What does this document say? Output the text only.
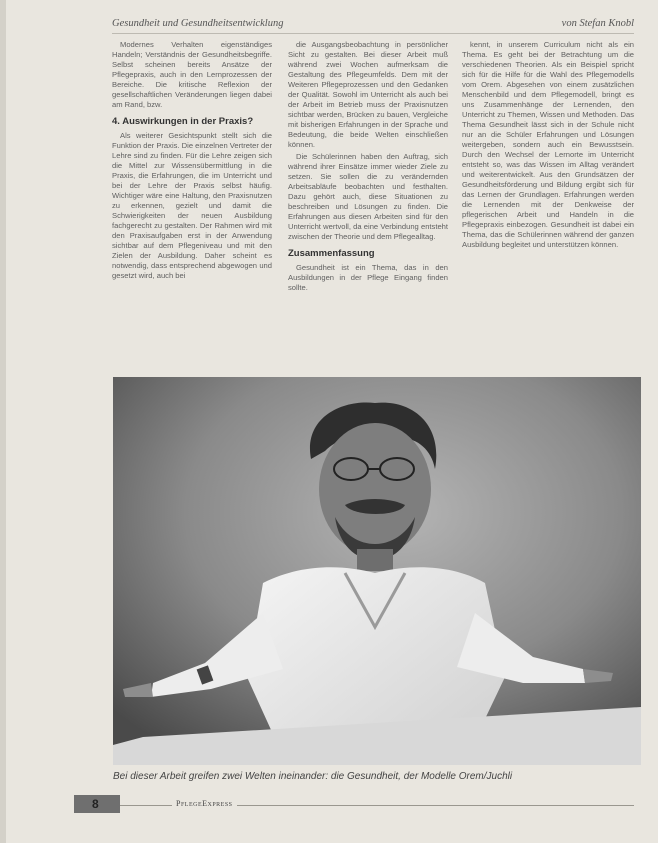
Gesundheit und Gesundheitsentwicklung	von Stefan Knobl

Modernes Verhalten eigenständiges Handeln; Verständnis der Gesundheitsbegriffe. Selbst scheinen bereits Ansätze der Pflegepraxis, auch in den Lernprozessen der Bereiche. Die kritische Reflexion der gesellschaftlichen Veränderungen liegen dabei am Rand, bzw.

4. Auswirkungen in der Praxis?

Als weiterer Gesichtspunkt stellt sich die Funktion der Praxis. Die einzelnen Vertreter der Lehre sind zu finden. Für die Lehre zeigen sich die Mittel zur Wissensübermittlung in die Praxis, die Erfahrungen, die im Unterricht und bei der Lehre der Praxis selbst häufig. Wichtiger wäre eine Haltung, den Praxisnutzen zu erkennen, gezielt und damit die Schwierigkeiten der neuen Ausbildung fachgerecht zu gestalten. Der Rahmen wird mit den Praxisaufgaben erst in der Anwendung sichtbar auf dem Pflegeniveau und mit den Zielen der Ausbildung. Daher scheint es notwendig, dass entsprechend abgewogen und gesetzt wird, auch bei

die Ausgangsbeobachtung in persönlicher Sicht zu gestalten. Bei dieser Arbeit muß während zwei Wochen aufmerksam die Gestaltung des Pflegeumfelds. Dem mit der Weiteren Pflegeprozessen und den Gedanken der Qualität. Sowohl im Unterricht als auch bei der Arbeit im Betrieb muss der Praxisnutzen sichtbar werden, Brücken zu bauen, Vergleiche mit bisherigen Erfahrungen in der Sprache und Bedeutung, die beide Welten einschließen können.

Die Schülerinnen haben den Auftrag, sich während ihrer Einsätze immer wieder Ziele zu setzen. Sie sollen die zu verändernden Arbeitsabläufe beobachten und festhalten. Dazu gehört auch, diese Situationen zu beschreiben und Lösungen zu finden. Die Erfahrungen aus diesen Arbeiten sind für den Unterricht wertvoll, da eine Verbindung entsteht zwischen der Theorie und dem Pflegealltag.

Zusammenfassung

Gesundheit ist ein Thema, das in den Ausbildungen in der Pflege Eingang finden sollte.

kennt, in unserem Curriculum nicht als ein Thema. Es geht bei der Betrachtung um die verschiedenen Theorien. Als ein Beispiel spricht sich für die Hilfe für die Wahl des Pflegemodells vom Orem. Abgesehen von einem zusätzlichen Menschenbild und dem Pflegemodell, bringt es uns Zusammenhänge der Lernenden, den Unterricht zu Themen, Wissen und Methoden. Das Thema Gesundheit lässt sich in der Schule nicht nur an die Schüler Erfahrungen und Lösungen weitergeben, sondern auch ein Bewusstsein. Durch den Wechsel der Lernorte im Unterricht entsteht so, was das Wissen im Alltag verändert und weiterentwickelt. Aus den Grundsätzen der Gesundheitsförderung und Bildung ergibt sich für das Lernen der Grundlagen. Erfahrungen werden die Lernenden mit der Denkweise der pflegerischen Arbeit und Handeln in die Pflegepraxis einbezogen. Gesundheit ist dabei ein Thema, das die Schülerinnen während der ganzen Ausbildung begleitet und unterstützen können.

Bei dieser Arbeit greifen zwei Welten ineinander: die Gesundheit, der Modelle Orem/Juchli
8	PflegeExpress
